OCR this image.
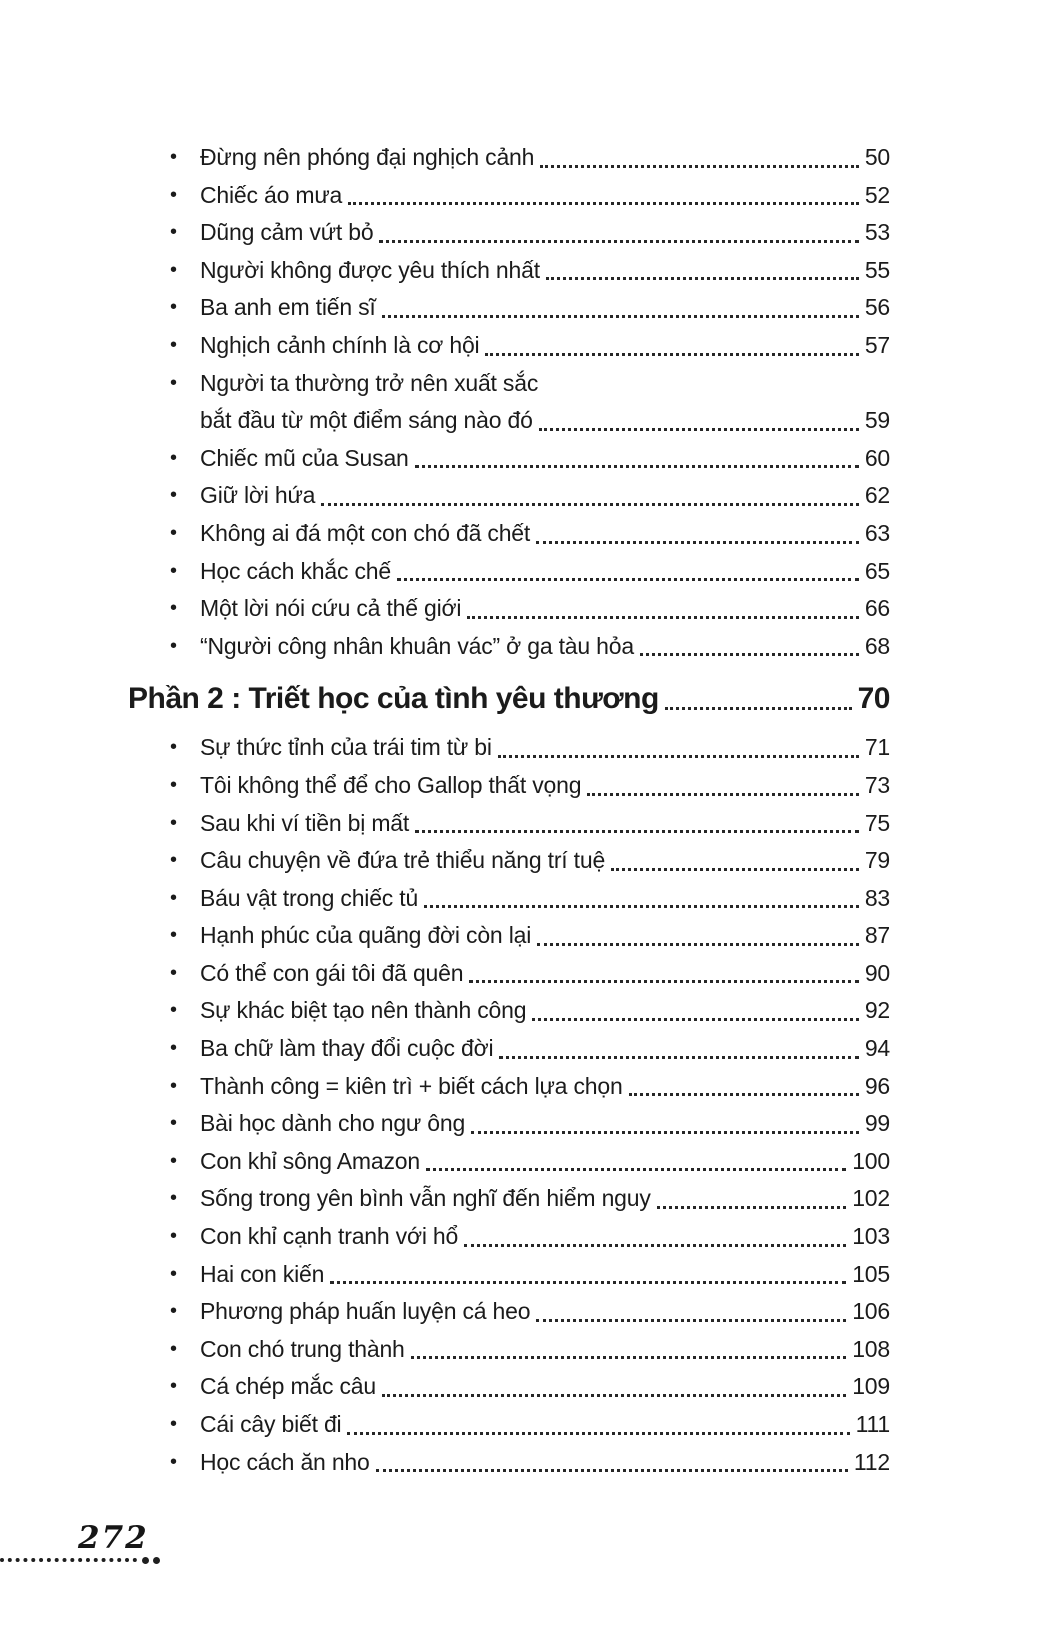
• Đừng nên phóng đại nghịch cảnh	50
• Chiếc áo mưa	52
• Dũng cảm vứt bỏ	53
• Người không được yêu thích nhất	55
• Ba anh em tiến sĩ	56
• Nghịch cảnh chính là cơ hội	57
• Người ta thường trở nên xuất sắc
bắt đầu từ một điểm sáng nào đó	59
• Chiếc mũ của Susan	60
• Giữ lời hứa	62
• Không ai đá một con chó đã chết	63
• Học cách khắc chế	65
• Một lời nói cứu cả thế giới	66
• “Người công nhân khuân vác” ở ga tàu hỏa	68
Phần 2 : Triết học của tình yêu thương	70
• Sự thức tỉnh của trái tim từ bi	71
• Tôi không thể để cho Gallop thất vọng	73
• Sau khi ví tiền bị mất	75
• Câu chuyện về đứa trẻ thiểu năng trí tuệ	79
• Báu vật trong chiếc tủ	83
• Hạnh phúc của quãng đời còn lại	87
• Có thể con gái tôi đã quên	90
• Sự khác biệt tạo nên thành công	92
• Ba chữ làm thay đổi cuộc đời	94
• Thành công = kiên trì + biết cách lựa chọn	96
• Bài học dành cho ngư ông	99
• Con khỉ sông Amazon	100
• Sống trong yên bình vẫn nghĩ đến hiểm nguy	102
• Con khỉ cạnh tranh với hổ	103
• Hai con kiến	105
• Phương pháp huấn luyện cá heo	106
• Con chó trung thành	108
• Cá chép mắc câu	109
• Cái cây biết đi	111
• Học cách ăn nho	112
272
